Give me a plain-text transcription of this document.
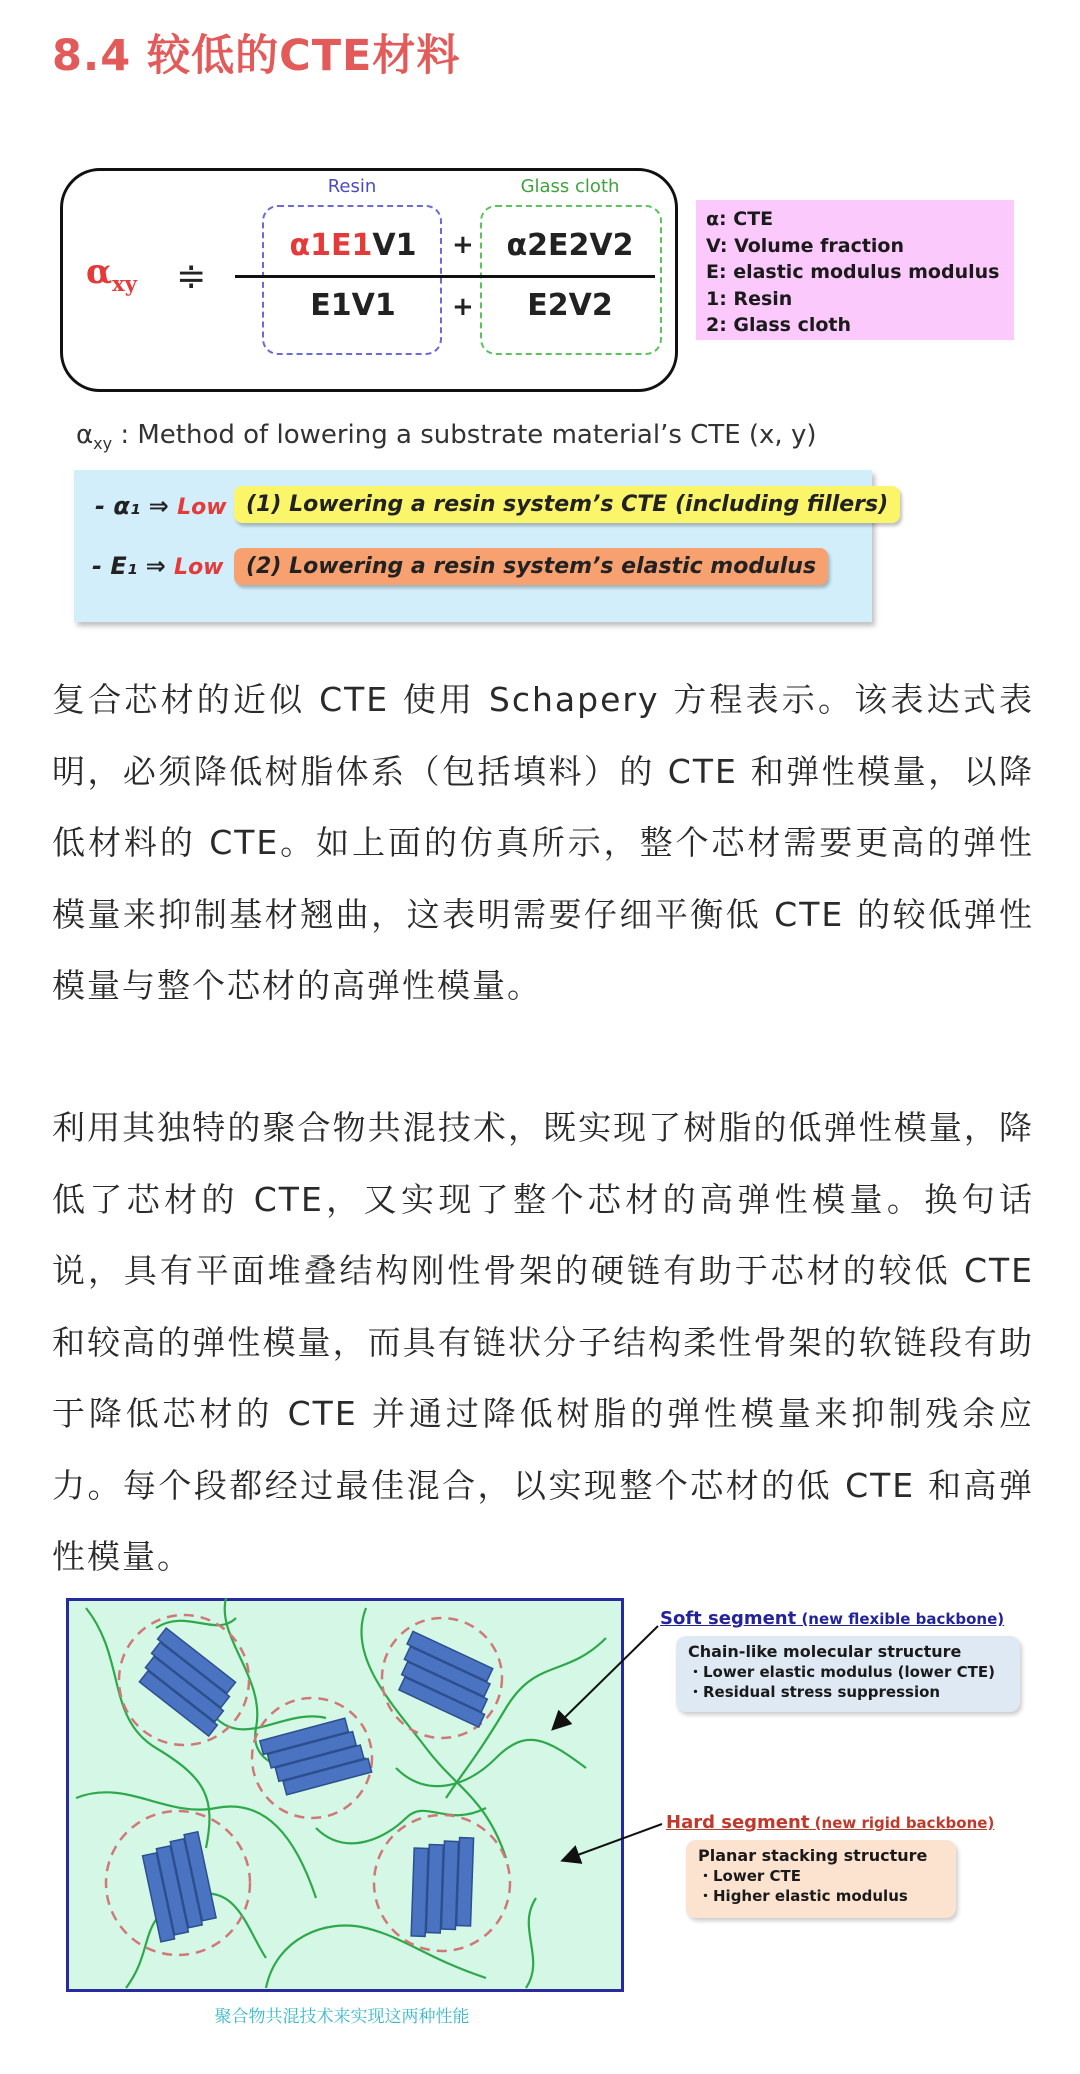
8.4 较低的CTE材料
Resin	Glass cloth
$\alpha_{xy}$ ≑
α1E1V1	+	α2E2V2
E1V1	+	E2V2
α: CTE
V: Volume fraction
E: elastic modulus modulus
1: Resin
2: Glass cloth
$\alpha_{xy}$ : Method of lowering a substrate material’s CTE (x, y)
- α₁ ⇒ Low (1) Lowering a resin system’s CTE (including fillers)
- E₁ ⇒ Low	(2) Lowering a resin system’s elastic modulus
复合芯材的近似 CTE 使用 Schapery 方程表示。该表达式表明，必须降低树脂体系（包括填料）的 CTE 和弹性模量，以降低材料的 CTE。如上面的仿真所示，整个芯材需要更高的弹性模量来抑制基材翘曲，这表明需要仔细平衡低 CTE 的较低弹性模量与整个芯材的高弹性模量。
利用其独特的聚合物共混技术，既实现了树脂的低弹性模量，降低了芯材的 CTE，又实现了整个芯材的高弹性模量。换句话说，具有平面堆叠结构刚性骨架的硬链有助于芯材的较低 CTE 和较高的弹性模量，而具有链状分子结构柔性骨架的软链段有助于降低芯材的 CTE 并通过降低树脂的弹性模量来抑制残余应力。每个段都经过最佳混合，以实现整个芯材的低 CTE 和高弹性模量。
Soft segment (new flexible backbone)
Chain-like molecular structure
・Lower elastic modulus (lower CTE)
・Residual stress suppression
Hard segment (new rigid backbone)
Planar stacking structure
・Lower CTE
・Higher elastic modulus
聚合物共混技术来实现这两种性能
